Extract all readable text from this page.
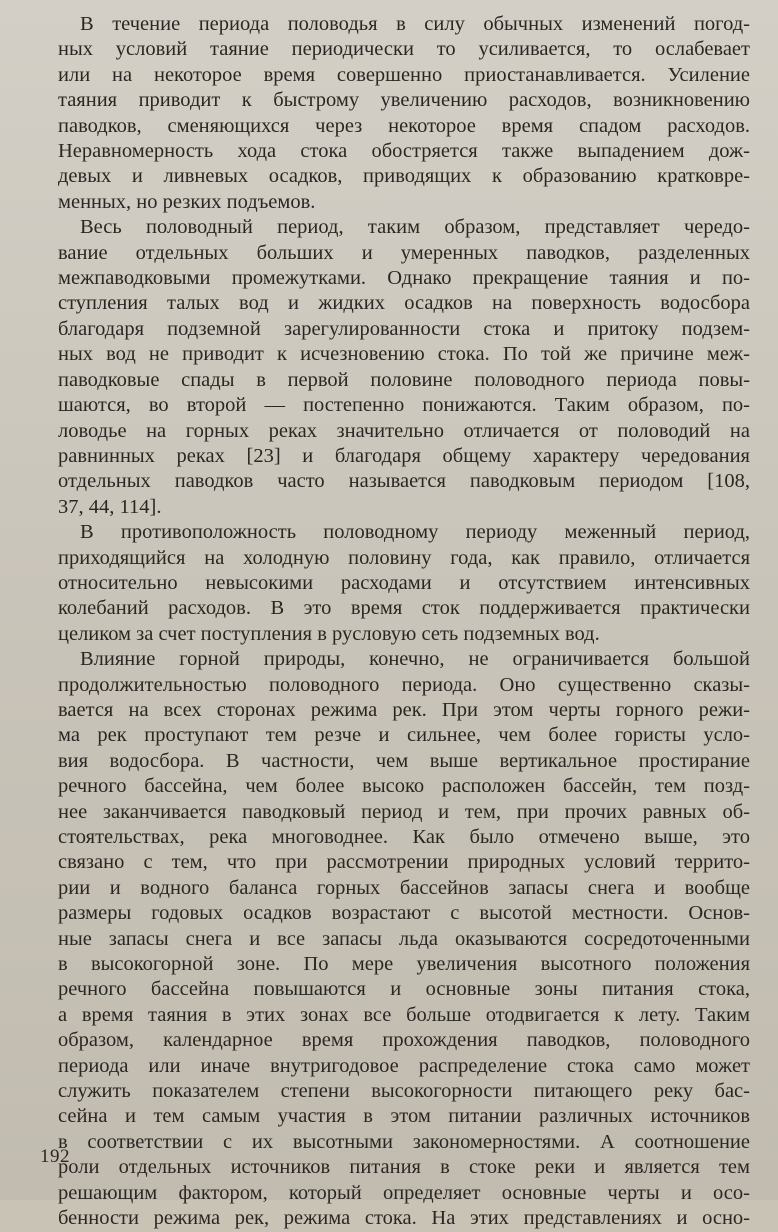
В течение периода половодья в силу обычных изменений погод-
ных условий таяние периодически то усиливается, то ослабевает
или на некоторое время совершенно приостанавливается. Усиление
таяния приводит к быстрому увеличению расходов, возникновению
паводков, сменяющихся через некоторое время спадом расходов.
Неравномерность хода стока обостряется также выпадением дож-
девых и ливневых осадков, приводящих к образованию кратковре-
менных, но резких подъемов.

Весь половодный период, таким образом, представляет чередо-
вание отдельных больших и умеренных паводков, разделенных
межпаводковыми промежутками. Однако прекращение таяния и по-
ступления талых вод и жидких осадков на поверхность водосбора
благодаря подземной зарегулированности стока и притоку подзем-
ных вод не приводит к исчезновению стока. По той же причине меж-
паводковые спады в первой половине половодного периода повы-
шаются, во второй — постепенно понижаются. Таким образом, по-
ловодье на горных реках значительно отличается от половодий на
равнинных реках [23] и благодаря общему характеру чередования
отдельных паводков часто называется паводковым периодом [108,
37, 44, 114].

В противоположность половодному периоду меженный период,
приходящийся на холодную половину года, как правило, отличается
относительно невысокими расходами и отсутствием интенсивных
колебаний расходов. В это время сток поддерживается практически
целиком за счет поступления в русловую сеть подземных вод.

Влияние горной природы, конечно, не ограничивается большой
продолжительностью половодного периода. Оно существенно сказы-
вается на всех сторонах режима рек. При этом черты горного режи-
ма рек проступают тем резче и сильнее, чем более гористы усло-
вия водосбора. В частности, чем выше вертикальное простирание
речного бассейна, чем более высоко расположен бассейн, тем позд-
нее заканчивается паводковый период и тем, при прочих равных об-
стоятельствах, река многоводнее. Как было отмечено выше, это
связано с тем, что при рассмотрении природных условий террито-
рии и водного баланса горных бассейнов запасы снега и вообще
размеры годовых осадков возрастают с высотой местности. Основ-
ные запасы снега и все запасы льда оказываются сосредоточенными
в высокогорной зоне. По мере увеличения высотного положения
речного бассейна повышаются и основные зоны питания стока,
а время таяния в этих зонах все больше отодвигается к лету. Таким
образом, календарное время прохождения паводков, половодного
периода или иначе внутригодовое распределение стока само может
служить показателем степени высокогорности питающего реку бас-
сейна и тем самым участия в этом питании различных источников
в соответствии с их высотными закономерностями. А соотношение
роли отдельных источников питания в стоке реки и является тем
решающим фактором, который определяет основные черты и осо-
бенности режима рек, режима стока. На этих представлениях и осно-

192
